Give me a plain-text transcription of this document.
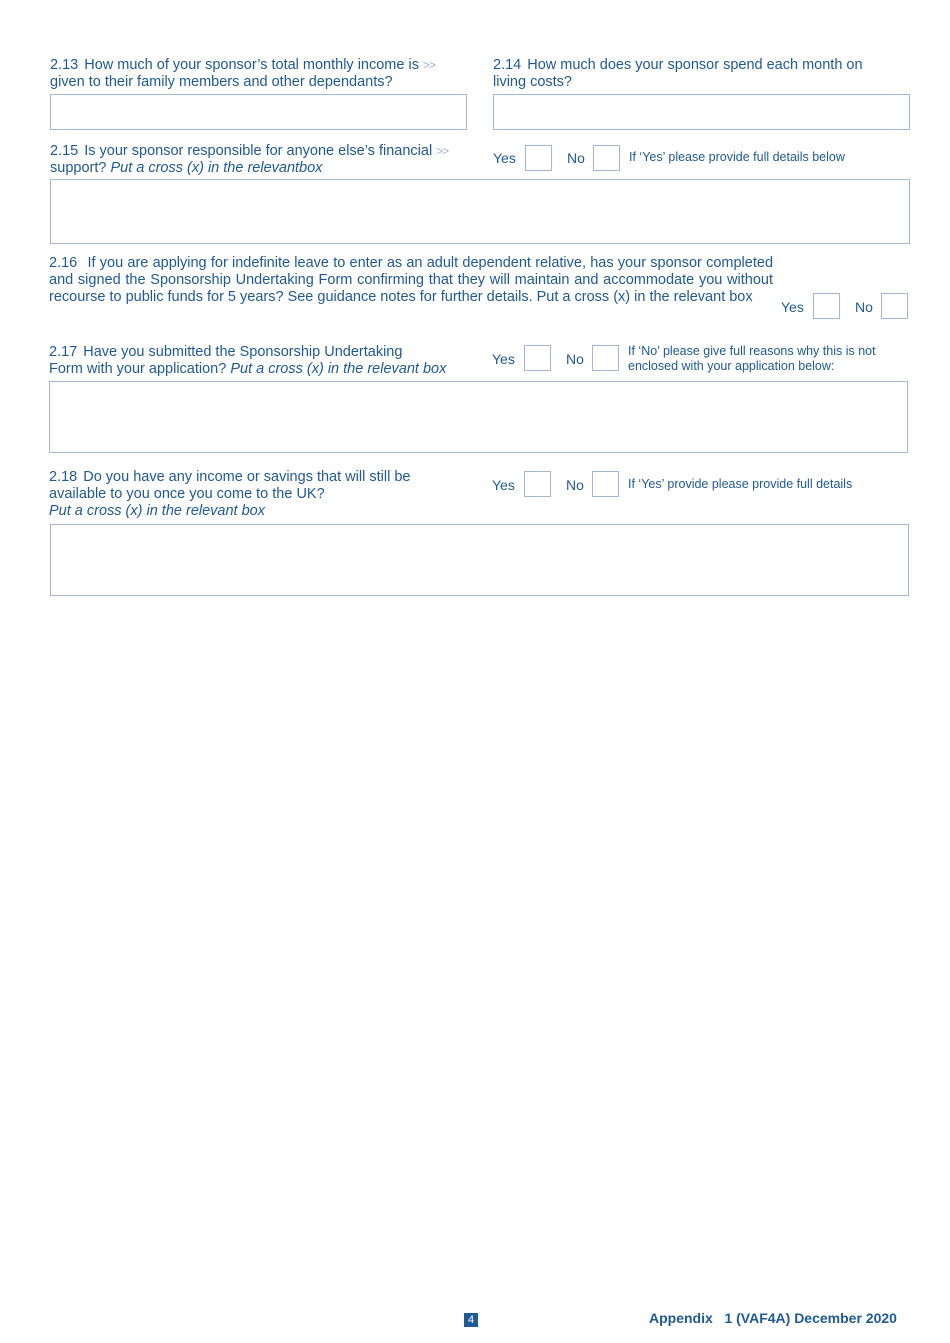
2.13 How much of your sponsor’s total monthly income is >>
given to their family members and other dependants?
2.14 How much does your sponsor spend each month on
living costs?
2.15 Is your sponsor responsible for anyone else’s financial >>
support? Put a cross (x) in the relevantbox
Yes	No	If ‘Yes’ please provide full details below
2.16 If you are applying for indefinite leave to enter as an adult dependent relative, has your sponsor completed and signed the Sponsorship Undertaking Form confirming that they will maintain and accommodate you without recourse to public funds for 5 years? See guidance notes for further details. Put a cross (x) in the relevant box
Yes	No
2.17 Have you submitted the Sponsorship Undertaking
Form with your application? Put a cross (x) in the relevant box
Yes	No	If ‘No’ please give full reasons why this is not enclosed with your application below:
2.18 Do you have any income or savings that will still be
available to you once you come to the UK?
Put a cross (x) in the relevant box
Yes	No	If ‘Yes’ provide please provide full details
4	Appendix   1 (VAF4A) December 2020
